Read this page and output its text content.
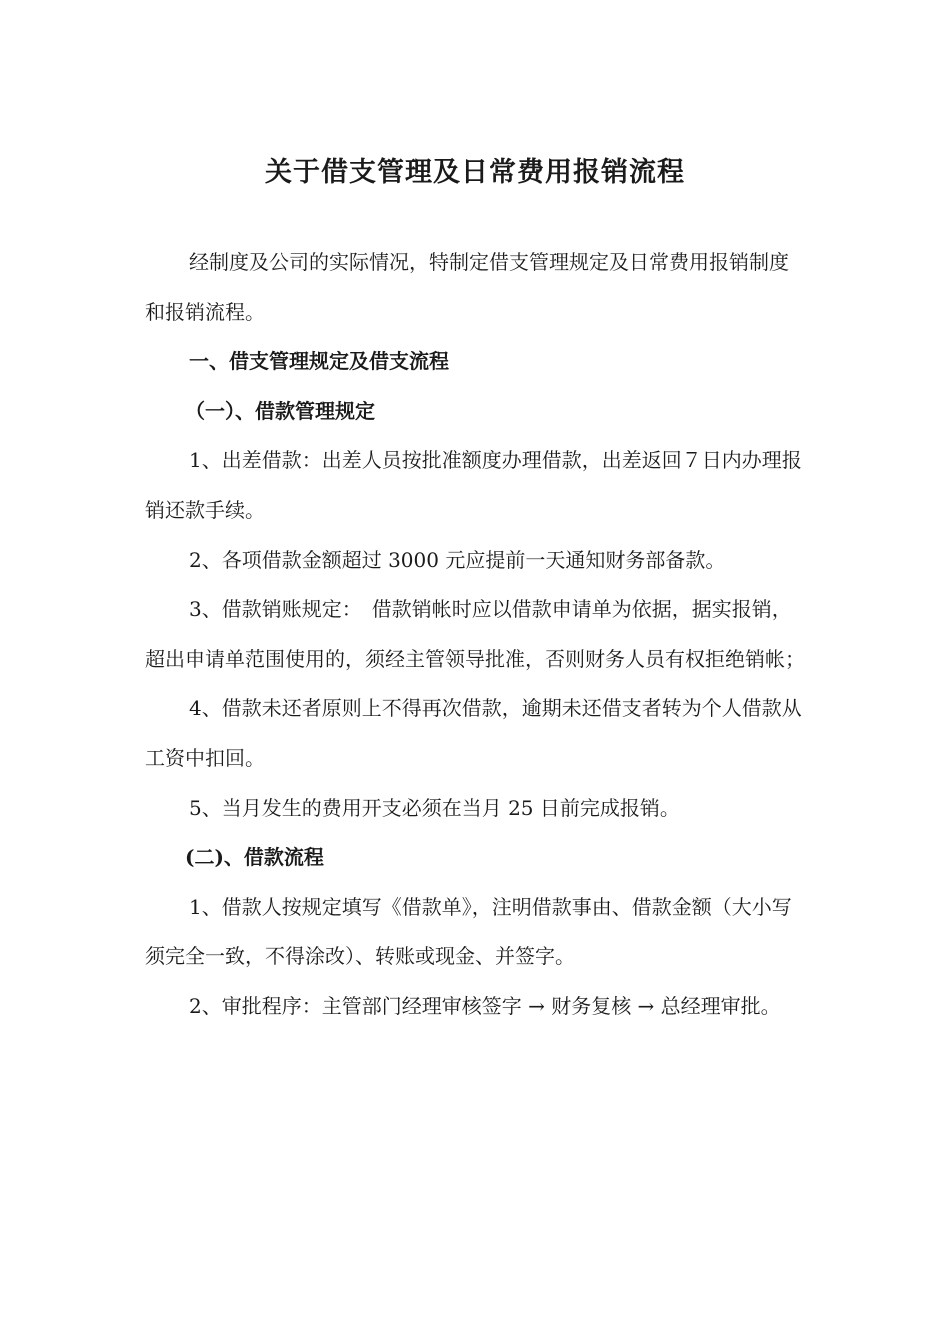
关于借支管理及日常费用报销流程

经制度及公司的实际情况，特制定借支管理规定及日常费用报销制度和报销流程。

一、借支管理规定及借支流程

（一）、借款管理规定

1、出差借款：出差人员按批准额度办理借款，出差返回７日内办理报销还款手续。

2、各项借款金额超过 3000 元应提前一天通知财务部备款。

3、借款销账规定：　借款销帐时应以借款申请单为依据，据实报销，超出申请单范围使用的，须经主管领导批准，否则财务人员有权拒绝销帐；

4、借款未还者原则上不得再次借款，逾期未还借支者转为个人借款从工资中扣回。

5、当月发生的费用开支必须在当月 25 日前完成报销。

(二)、借款流程

1、借款人按规定填写《借款单》，注明借款事由、借款金额（大小写须完全一致，不得涂改）、转账或现金、并签字。

2、审批程序：主管部门经理审核签字 → 财务复核 → 总经理审批。
